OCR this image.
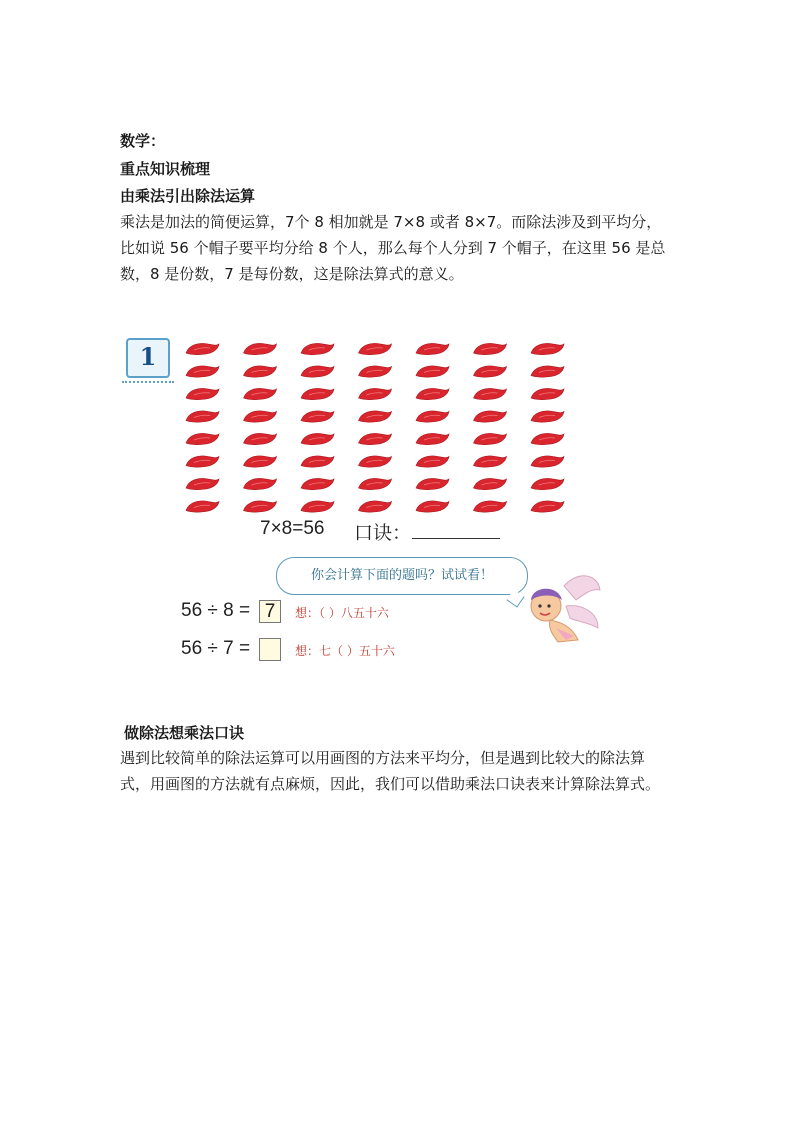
数学：
重点知识梳理
由乘法引出除法运算
乘法是加法的简便运算，7个 8 相加就是 7×8 或者 8×7。而除法涉及到平均分，
比如说 56 个帽子要平均分给 8 个人，那么每个人分到 7 个帽子，在这里 56 是总
数，8 是份数，7 是每份数，这是除法算式的意义。
1
7×8=56 口诀：
你会计算下面的题吗？试试看！
56 ÷ 8 = 7	想：（ ）八五十六
56 ÷ 7 =	想：七（ ）五十六
做除法想乘法口诀
遇到比较简单的除法运算可以用画图的方法来平均分，但是遇到比较大的除法算
式，用画图的方法就有点麻烦，因此，我们可以借助乘法口诀表来计算除法算式。
